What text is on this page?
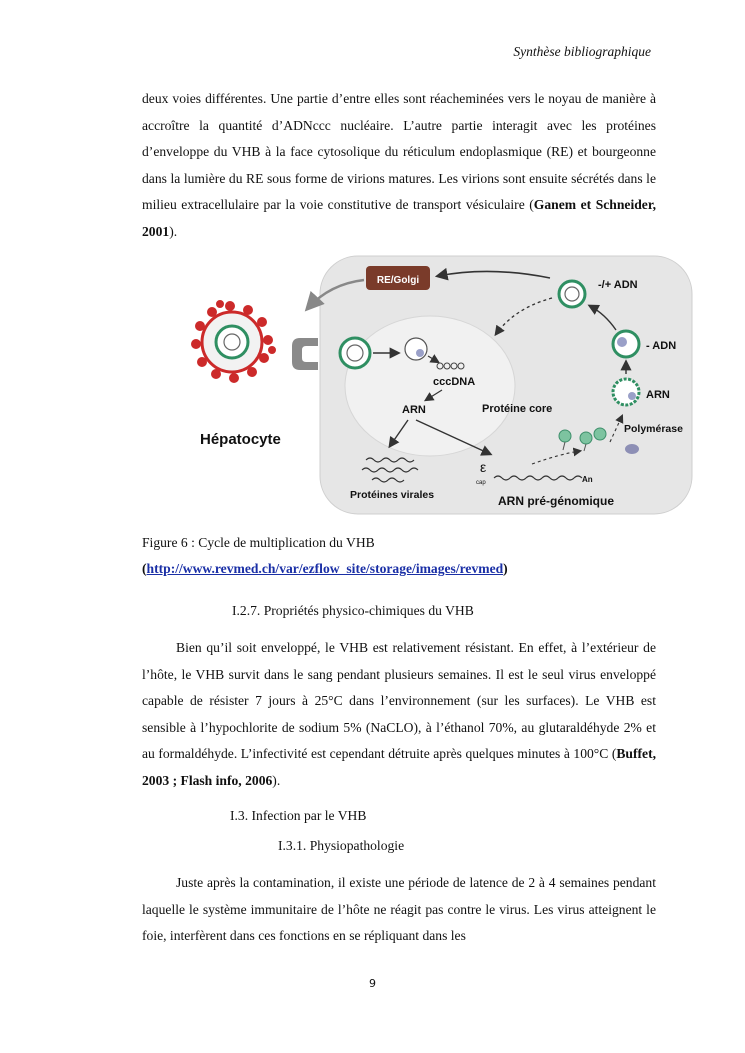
Synthèse bibliographique
deux voies différentes. Une partie d’entre elles sont réacheminées vers le noyau de manière à accroître la quantité d’ADNccc nucléaire. L’autre partie interagit avec les protéines d’enveloppe du VHB à la face cytosolique du réticulum endoplasmique (RE) et bourgeonne dans la lumière du RE sous forme de virions matures. Les virions sont ensuite sécrétés dans le milieu extracellulaire par la voie constitutive de transport vésiculaire (Ganem et Schneider, 2001).
RE/Golgi	-/+ ADN
- ADN
ARN
cccDNA
ARN	Protéine core
Polymérase
Hépatocyte
Protéines virales
ε
cap	An
ARN pré-génomique
Figure 6 : Cycle de multiplication du VHB
(http://www.revmed.ch/var/ezflow_site/storage/images/revmed)
I.2.7. Propriétés physico-chimiques du VHB
Bien qu’il soit enveloppé, le VHB est relativement résistant. En effet, à l’extérieur de l’hôte, le VHB survit dans le sang pendant plusieurs semaines. Il est le seul virus enveloppé capable de résister 7 jours à 25°C dans l’environnement (sur les surfaces). Le VHB est sensible à l’hypochlorite de sodium 5% (NaCLO), à l’éthanol 70%, au glutaraldéhyde 2% et au formaldéhyde. L’infectivité est cependant détruite après quelques minutes à 100°C (Buffet, 2003 ; Flash info, 2006).
I.3. Infection par le VHB
I.3.1. Physiopathologie
Juste après la contamination, il existe une période de latence de 2 à 4 semaines pendant laquelle le système immunitaire de l’hôte ne réagit pas contre le virus. Les virus atteignent le foie, interfèrent dans ces fonctions en se répliquant dans les
9
